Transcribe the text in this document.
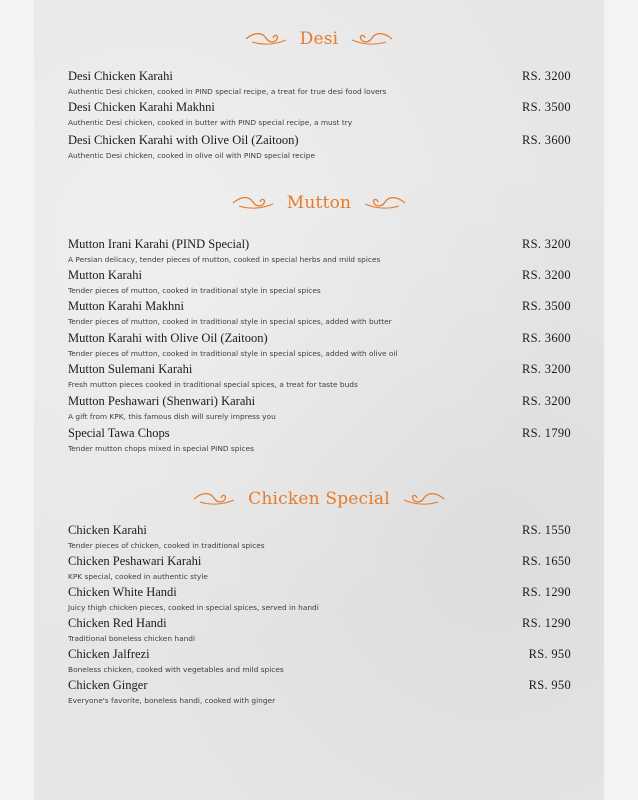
Desi
Desi Chicken Karahi	RS. 3200
Authentic Desi chicken, cooked in PIND special recipe, a treat for true desi food lovers
Desi Chicken Karahi Makhni	RS. 3500
Authentic Desi chicken, cooked in butter with PIND special recipe, a must try
Desi Chicken Karahi with Olive Oil (Zaitoon)	RS. 3600
Authentic Desi chicken, cooked in olive oil with PIND special recipe
Mutton
Mutton Irani Karahi (PIND Special)	RS. 3200
A Persian delicacy, tender pieces of mutton, cooked in special herbs and mild spices
Mutton Karahi	RS. 3200
Tender pieces of mutton, cooked in traditional style in special spices
Mutton Karahi Makhni	RS. 3500
Tender pieces of mutton, cooked in traditional style in special spices, added with butter
Mutton Karahi with Olive Oil (Zaitoon)	RS. 3600
Tender pieces of mutton, cooked in traditional style in special spices, added with olive oil
Mutton Sulemani Karahi	RS. 3200
Fresh mutton pieces cooked in traditional special spices, a treat for taste buds
Mutton Peshawari (Shenwari) Karahi	RS. 3200
A gift from KPK, this famous dish will surely impress you
Special Tawa Chops	RS. 1790
Tender mutton chops mixed in special PIND spices
Chicken Special
Chicken Karahi	RS. 1550
Tender pieces of chicken, cooked in traditional spices
Chicken Peshawari Karahi	RS. 1650
KPK special, cooked in authentic style
Chicken White Handi	RS. 1290
Juicy thigh chicken pieces, cooked in special spices, served in handi
Chicken Red Handi	RS. 1290
Traditional boneless chicken handi
Chicken Jalfrezi	RS. 950
Boneless chicken, cooked with vegetables and mild spices
Chicken Ginger	RS. 950
Everyone's favorite, boneless handi, cooked with ginger
